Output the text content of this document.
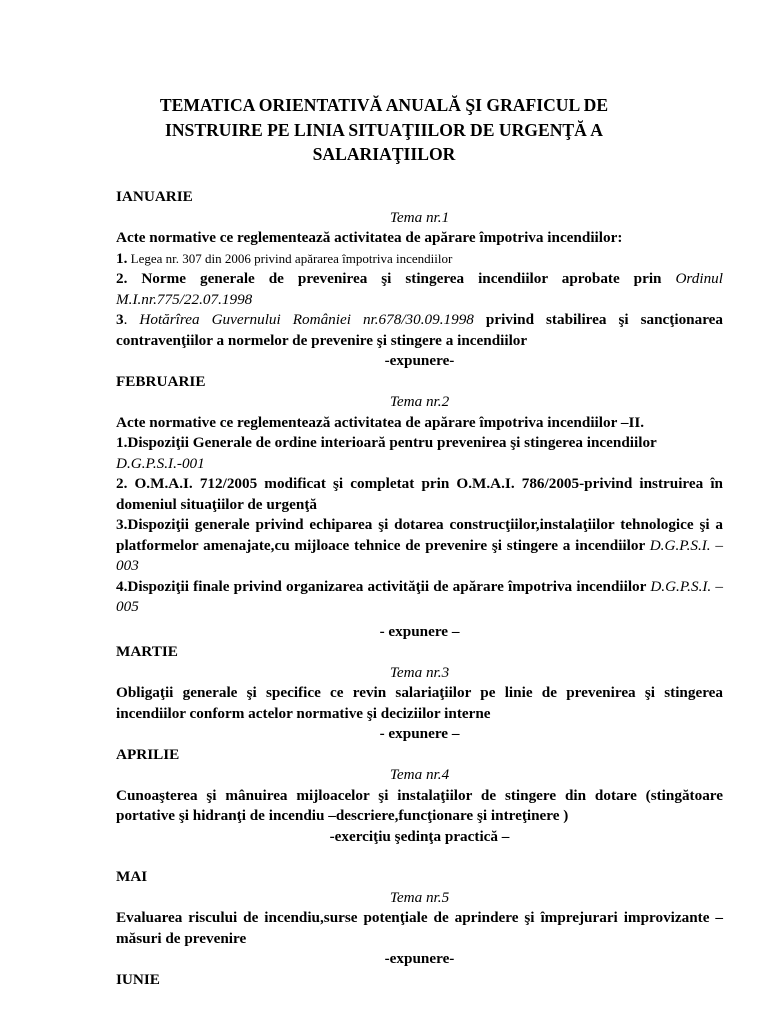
TEMATICA ORIENTATIVĂ ANUALĂ ŞI GRAFICUL DE
INSTRUIRE PE LINIA SITUAŢIILOR DE URGENŢĂ A
SALARIAŢIILOR

IANUARIE

Tema nr.1

Acte normative ce reglementează activitatea de apărare împotriva incendiilor:

1. Legea nr. 307 din 2006 privind apărarea împotriva incendiilor

2. Norme generale de prevenirea şi stingerea incendiilor aprobate prin Ordinul M.I.nr.775/22.07.1998

3. Hotărîrea Guvernului României nr.678/30.09.1998 privind stabilirea şi sancţionarea contravenţiilor a normelor de prevenire şi stingere a incendiilor

-expunere-

FEBRUARIE

Tema nr.2

Acte normative ce reglementează activitatea de apărare împotriva incendiilor –II.

1.Dispoziţii Generale de ordine interioară pentru prevenirea şi stingerea incendiilor D.G.P.S.I.-001

2. O.M.A.I. 712/2005 modificat şi completat prin O.M.A.I. 786/2005-privind instruirea în domeniul situaţiilor de urgenţă

3.Dispoziţii generale privind echiparea şi dotarea construcţiilor,instalaţiilor tehnologice şi a platformelor amenajate,cu mijloace tehnice de prevenire şi stingere a incendiilor D.G.P.S.I. –003

4.Dispoziţii finale privind organizarea activităţii de apărare împotriva incendiilor D.G.P.S.I. –005

- expunere –

MARTIE

Tema nr.3

Obligaţii generale şi specifice ce revin salariaţiilor pe linie de prevenirea şi stingerea incendiilor conform actelor normative şi deciziilor interne

- expunere –

APRILIE

Tema nr.4

Cunoaşterea şi mânuirea mijloacelor şi instalaţiilor de stingere din dotare (stingătoare portative şi hidranţi de incendiu –descriere,funcţionare şi intreţinere )

-exerciţiu şedinţa practică –

MAI

Tema nr.5

Evaluarea riscului de incendiu,surse potenţiale de aprindere şi împrejurari improvizante – măsuri de prevenire

-expunere-

IUNIE
